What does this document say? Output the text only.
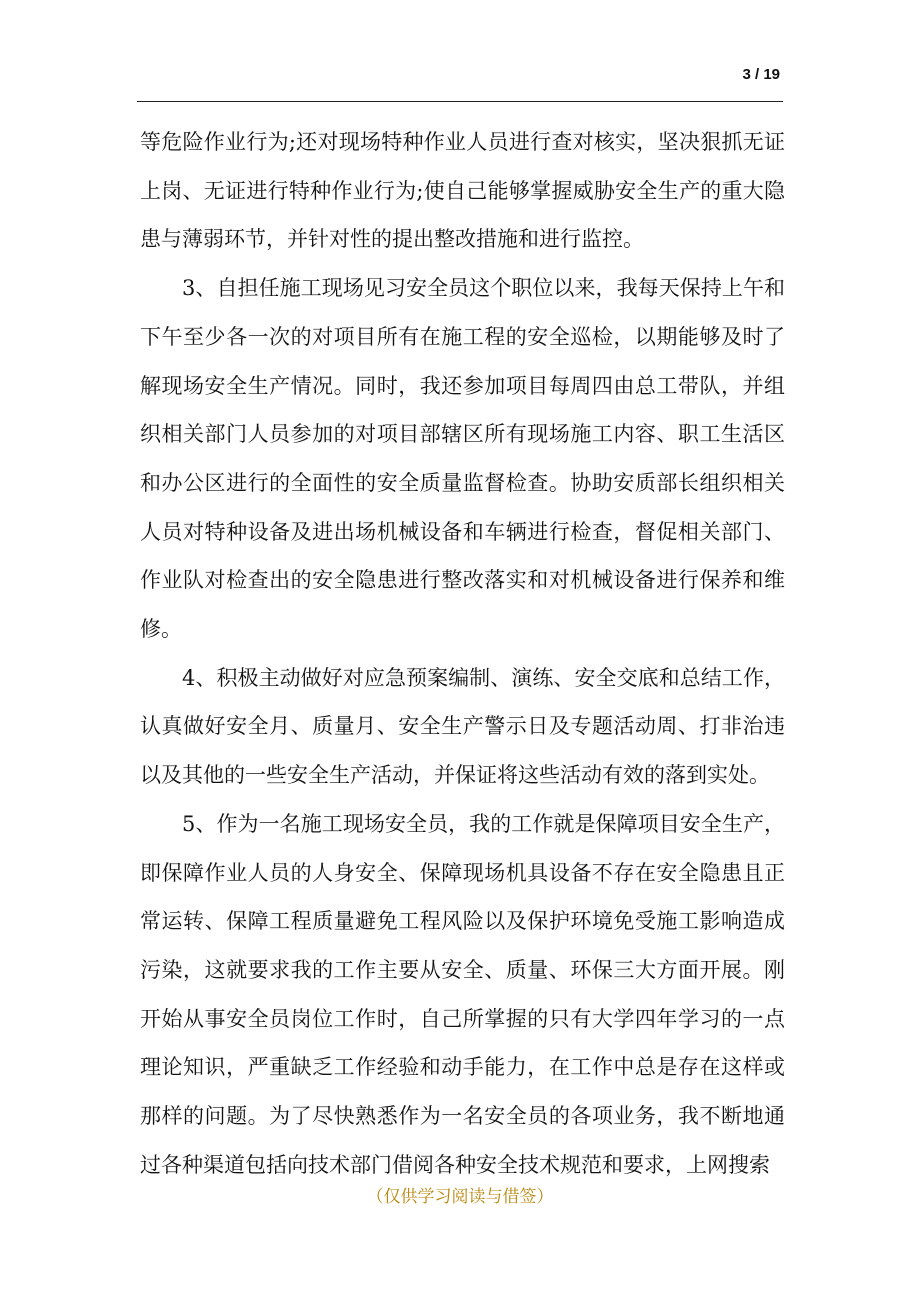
3 / 19

等危险作业行为;还对现场特种作业人员进行查对核实，坚决狠抓无证上岗、无证进行特种作业行为;使自己能够掌握威胁安全生产的重大隐患与薄弱环节，并针对性的提出整改措施和进行监控。

3、自担任施工现场见习安全员这个职位以来，我每天保持上午和下午至少各一次的对项目所有在施工程的安全巡检，以期能够及时了解现场安全生产情况。同时，我还参加项目每周四由总工带队，并组织相关部门人员参加的对项目部辖区所有现场施工内容、职工生活区和办公区进行的全面性的安全质量监督检查。协助安质部长组织相关人员对特种设备及进出场机械设备和车辆进行检查，督促相关部门、作业队对检查出的安全隐患进行整改落实和对机械设备进行保养和维修。

4、积极主动做好对应急预案编制、演练、安全交底和总结工作，认真做好安全月、质量月、安全生产警示日及专题活动周、打非治违以及其他的一些安全生产活动，并保证将这些活动有效的落到实处。

5、作为一名施工现场安全员，我的工作就是保障项目安全生产，即保障作业人员的人身安全、保障现场机具设备不存在安全隐患且正常运转、保障工程质量避免工程风险以及保护环境免受施工影响造成污染，这就要求我的工作主要从安全、质量、环保三大方面开展。刚开始从事安全员岗位工作时，自己所掌握的只有大学四年学习的一点理论知识，严重缺乏工作经验和动手能力，在工作中总是存在这样或那样的问题。为了尽快熟悉作为一名安全员的各项业务，我不断地通过各种渠道包括向技术部门借阅各种安全技术规范和要求，上网搜索

（仅供学习阅读与借签）
